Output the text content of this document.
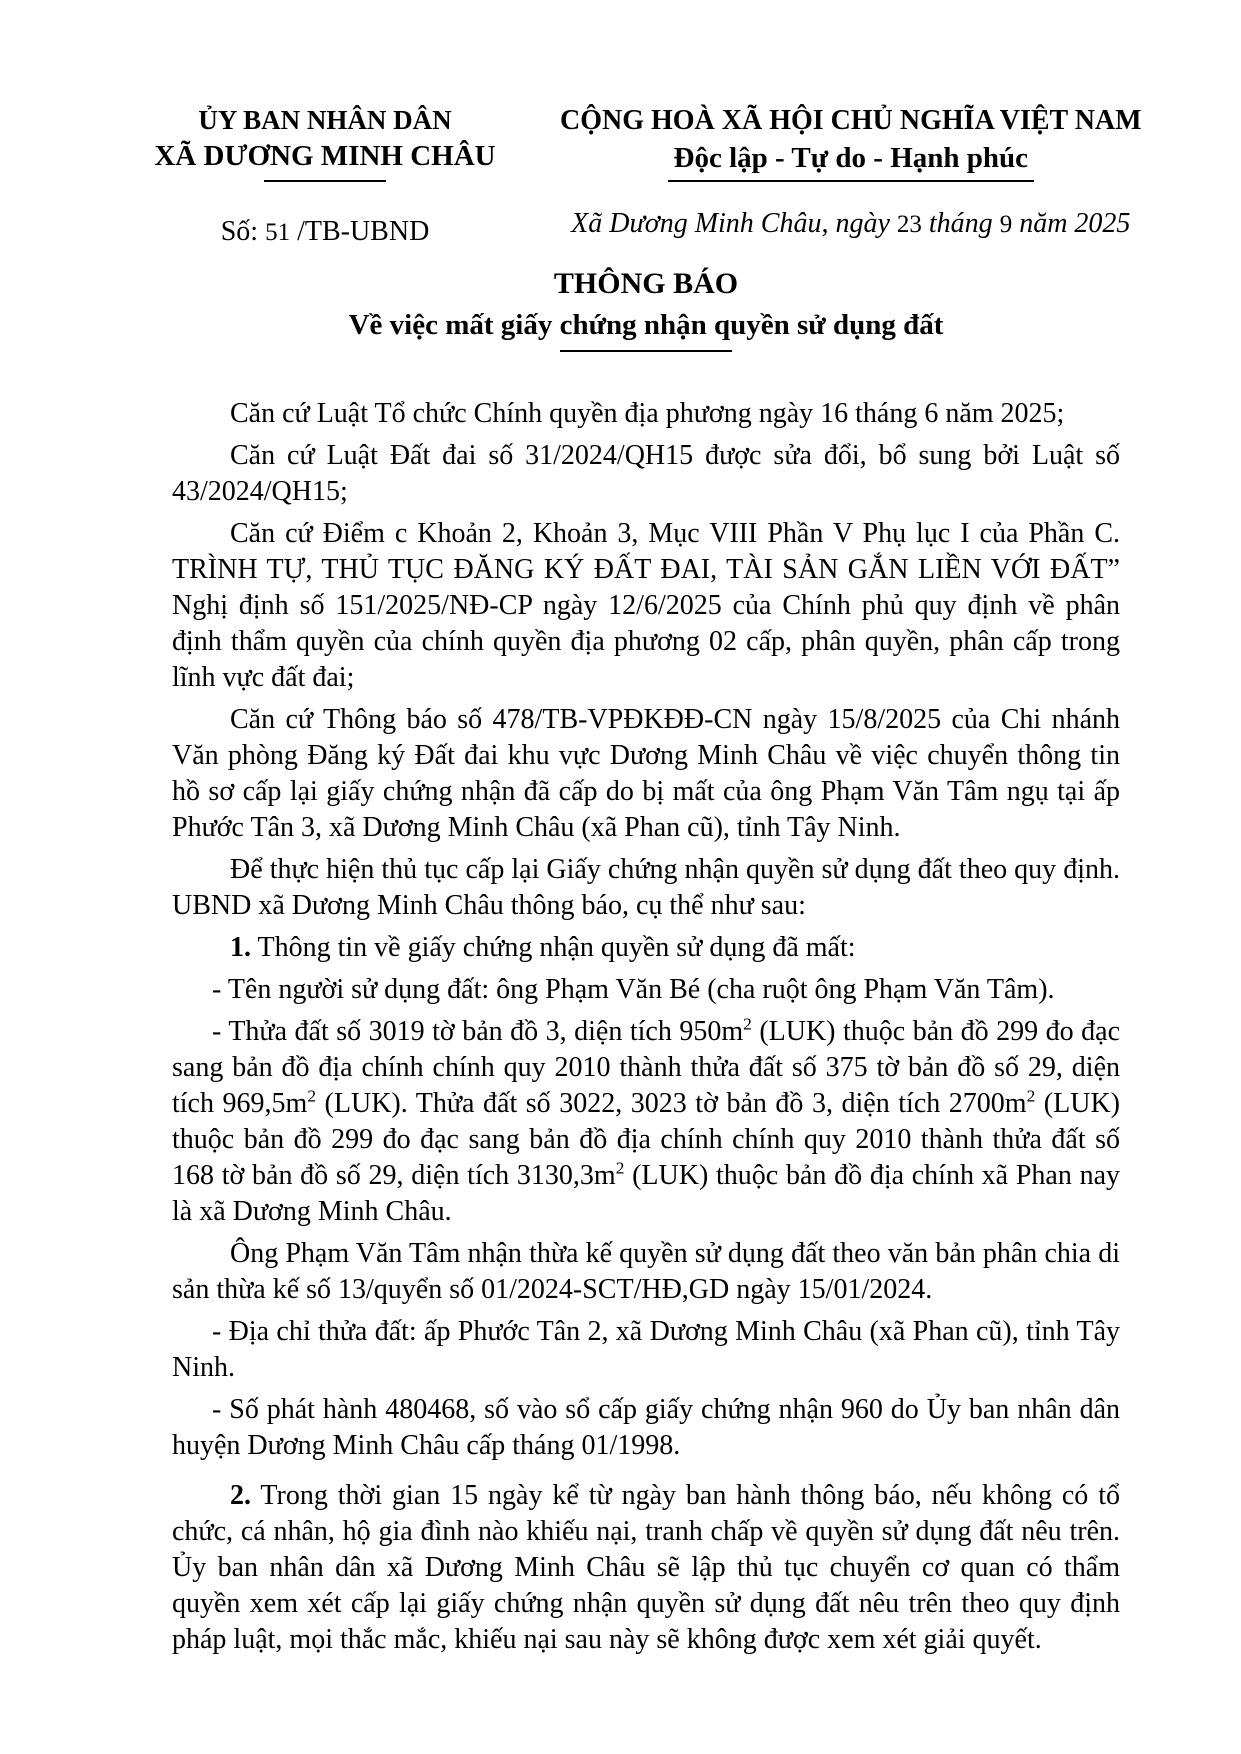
ỦY BAN NHÂN DÂN
XÃ DƯƠNG MINH CHÂU
Số: 51 /TB-UBND
CỘNG HOÀ XÃ HỘI CHỦ NGHĨA VIỆT NAM
Độc lập - Tự do - Hạnh phúc
Xã Dương Minh Châu, ngày 23 tháng 9 năm 2025
THÔNG BÁO
Về việc mất giấy chứng nhận quyền sử dụng đất

Căn cứ Luật Tổ chức Chính quyền địa phương ngày 16 tháng 6 năm 2025;

Căn cứ Luật Đất đai số 31/2024/QH15 được sửa đổi, bổ sung bởi Luật số 43/2024/QH15;

Căn cứ Điểm c Khoản 2, Khoản 3, Mục VIII Phần V Phụ lục I của Phần C. TRÌNH TỰ, THỦ TỤC ĐĂNG KÝ ĐẤT ĐAI, TÀI SẢN GẮN LIỀN VỚI ĐẤT” Nghị định số 151/2025/NĐ-CP ngày 12/6/2025 của Chính phủ quy định về phân định thẩm quyền của chính quyền địa phương 02 cấp, phân quyền, phân cấp trong lĩnh vực đất đai;

Căn cứ Thông báo số 478/TB-VPĐKĐĐ-CN ngày 15/8/2025 của Chi nhánh Văn phòng Đăng ký Đất đai khu vực Dương Minh Châu về việc chuyển thông tin hồ sơ cấp lại giấy chứng nhận đã cấp do bị mất của ông Phạm Văn Tâm ngụ tại ấp Phước Tân 3, xã Dương Minh Châu (xã Phan cũ), tỉnh Tây Ninh.

Để thực hiện thủ tục cấp lại Giấy chứng nhận quyền sử dụng đất theo quy định. UBND xã Dương Minh Châu thông báo, cụ thể như sau:

1. Thông tin về giấy chứng nhận quyền sử dụng đã mất:

- Tên người sử dụng đất: ông Phạm Văn Bé (cha ruột ông Phạm Văn Tâm).

- Thửa đất số 3019 tờ bản đồ 3, diện tích $950m^2$ (LUK) thuộc bản đồ 299 đo đạc sang bản đồ địa chính chính quy 2010 thành thửa đất số 375 tờ bản đồ số 29, diện tích $969,5m^2$ (LUK). Thửa đất số 3022, 3023 tờ bản đồ 3, diện tích $2700m^2$ (LUK) thuộc bản đồ 299 đo đạc sang bản đồ địa chính chính quy 2010 thành thửa đất số 168 tờ bản đồ số 29, diện tích $3130,3m^2$ (LUK) thuộc bản đồ địa chính xã Phan nay là xã Dương Minh Châu.

Ông Phạm Văn Tâm nhận thừa kế quyền sử dụng đất theo văn bản phân chia di sản thừa kế số 13/quyển số 01/2024-SCT/HĐ,GD ngày 15/01/2024.

- Địa chỉ thửa đất: ấp Phước Tân 2, xã Dương Minh Châu (xã Phan cũ), tỉnh Tây Ninh.

- Số phát hành 480468, số vào sổ cấp giấy chứng nhận 960 do Ủy ban nhân dân huyện Dương Minh Châu cấp tháng 01/1998.

2. Trong thời gian 15 ngày kể từ ngày ban hành thông báo, nếu không có tổ chức, cá nhân, hộ gia đình nào khiếu nại, tranh chấp về quyền sử dụng đất nêu trên. Ủy ban nhân dân xã Dương Minh Châu sẽ lập thủ tục chuyển cơ quan có thẩm quyền xem xét cấp lại giấy chứng nhận quyền sử dụng đất nêu trên theo quy định pháp luật, mọi thắc mắc, khiếu nại sau này sẽ không được xem xét giải quyết.
